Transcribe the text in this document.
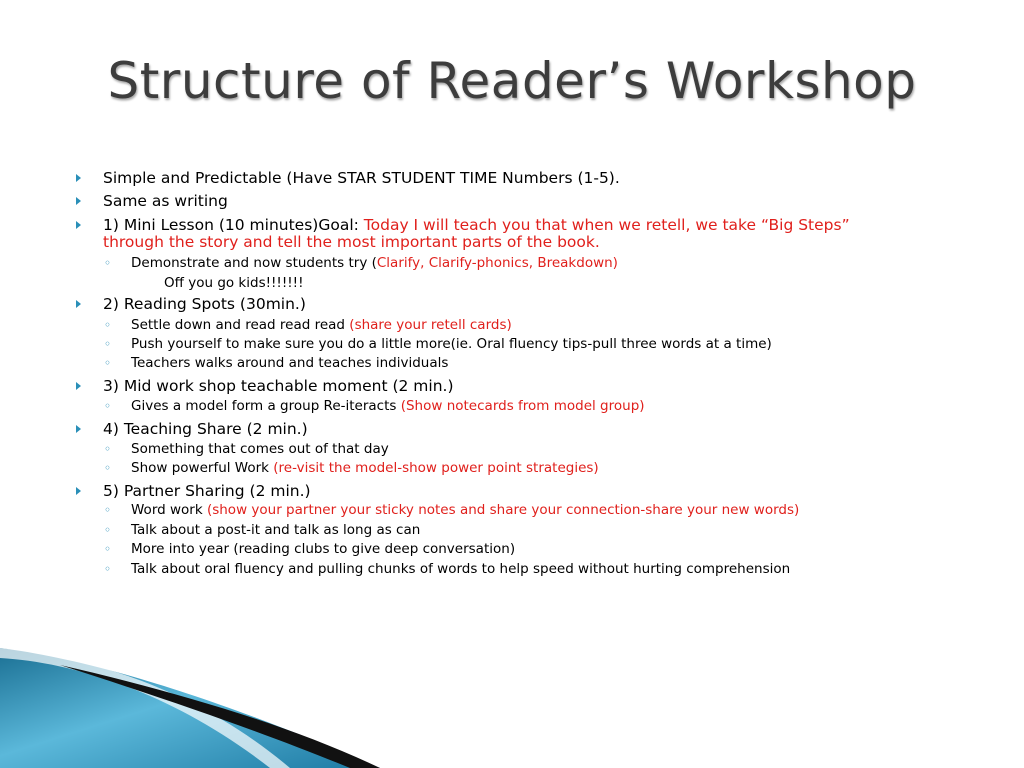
Structure of Reader’s Workshop
Simple and Predictable (Have STAR STUDENT TIME Numbers (1-5).
Same as writing
1) Mini Lesson (10 minutes)Goal: Today I will teach you that when we retell, we take “Big Steps”
through the story and tell the most important parts of the book.
◦ Demonstrate and now students try (Clarify, Clarify-phonics, Breakdown)
Off you go kids!!!!!!!
2) Reading Spots (30min.)
◦ Settle down and read read read (share your retell cards)
◦ Push yourself to make sure you do a little more(ie. Oral fluency tips-pull three words at a time)
◦ Teachers walks around and teaches individuals
3) Mid work shop teachable moment (2 min.)
◦ Gives a model form a group Re-iteracts (Show notecards from model group)
4) Teaching Share (2 min.)
◦ Something that comes out of that day
◦ Show powerful Work (re-visit the model-show power point strategies)
5) Partner Sharing (2 min.)
◦ Word work (show your partner your sticky notes and share your connection-share your new words)
◦ Talk about a post-it and talk as long as can
◦ More into year (reading clubs to give deep conversation)
◦ Talk about oral fluency and pulling chunks of words to help speed without hurting comprehension
